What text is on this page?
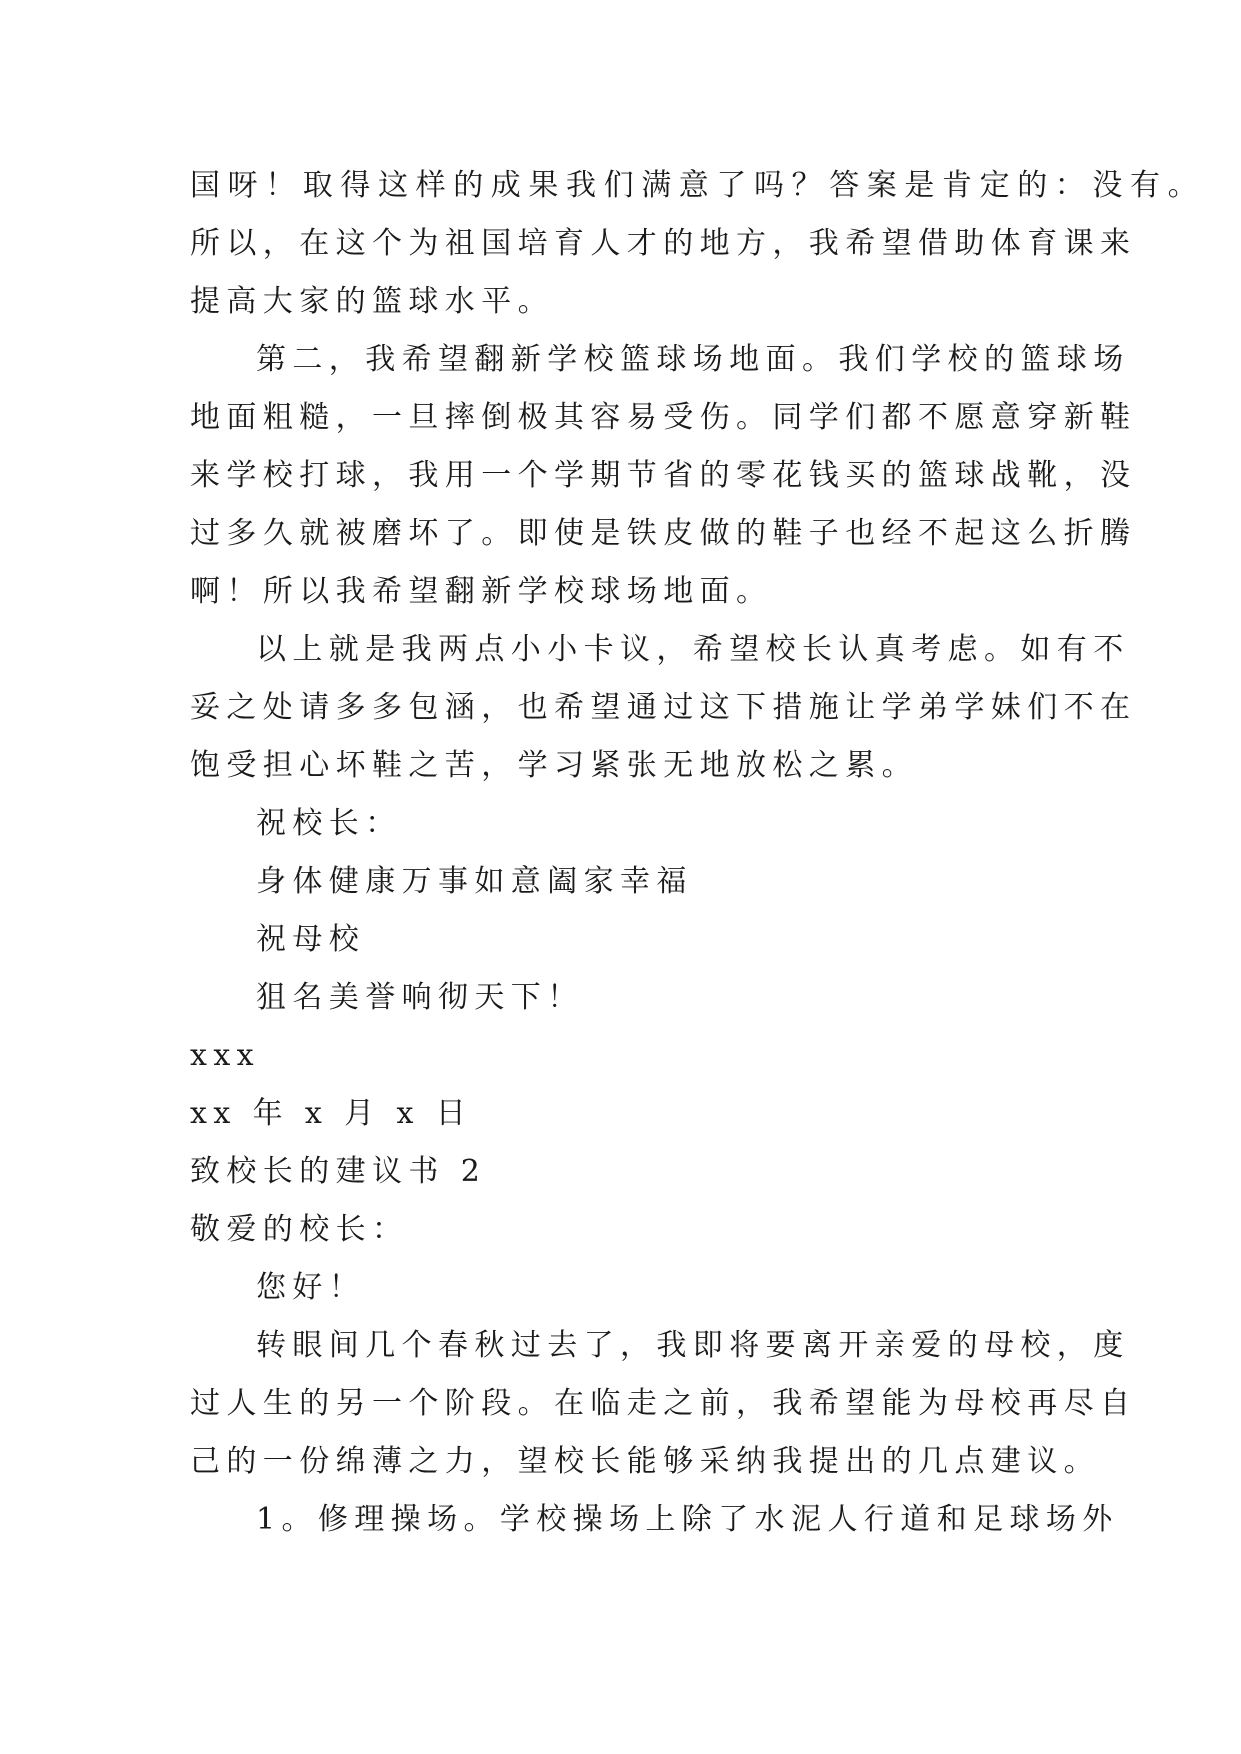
国呀！取得这样的成果我们满意了吗？答案是肯定的：没有。
所以，在这个为祖国培育人才的地方，我希望借助体育课来
提高大家的篮球水平。
第二，我希望翻新学校篮球场地面。我们学校的篮球场
地面粗糙，一旦摔倒极其容易受伤。同学们都不愿意穿新鞋
来学校打球，我用一个学期节省的零花钱买的篮球战靴，没
过多久就被磨坏了。即使是铁皮做的鞋子也经不起这么折腾
啊！所以我希望翻新学校球场地面。
以上就是我两点小小卡议，希望校长认真考虑。如有不
妥之处请多多包涵，也希望通过这下措施让学弟学妹们不在
饱受担心坏鞋之苦，学习紧张无地放松之累。
祝校长：
身体健康万事如意阖家幸福
祝母校
狙名美誉响彻天下！
xxx
xx 年 x 月 x 日
致校长的建议书 2
敬爱的校长：
您好！
转眼间几个春秋过去了，我即将要离开亲爱的母校，度
过人生的另一个阶段。在临走之前，我希望能为母校再尽自
己的一份绵薄之力，望校长能够采纳我提出的几点建议。
1。修理操场。学校操场上除了水泥人行道和足球场外
